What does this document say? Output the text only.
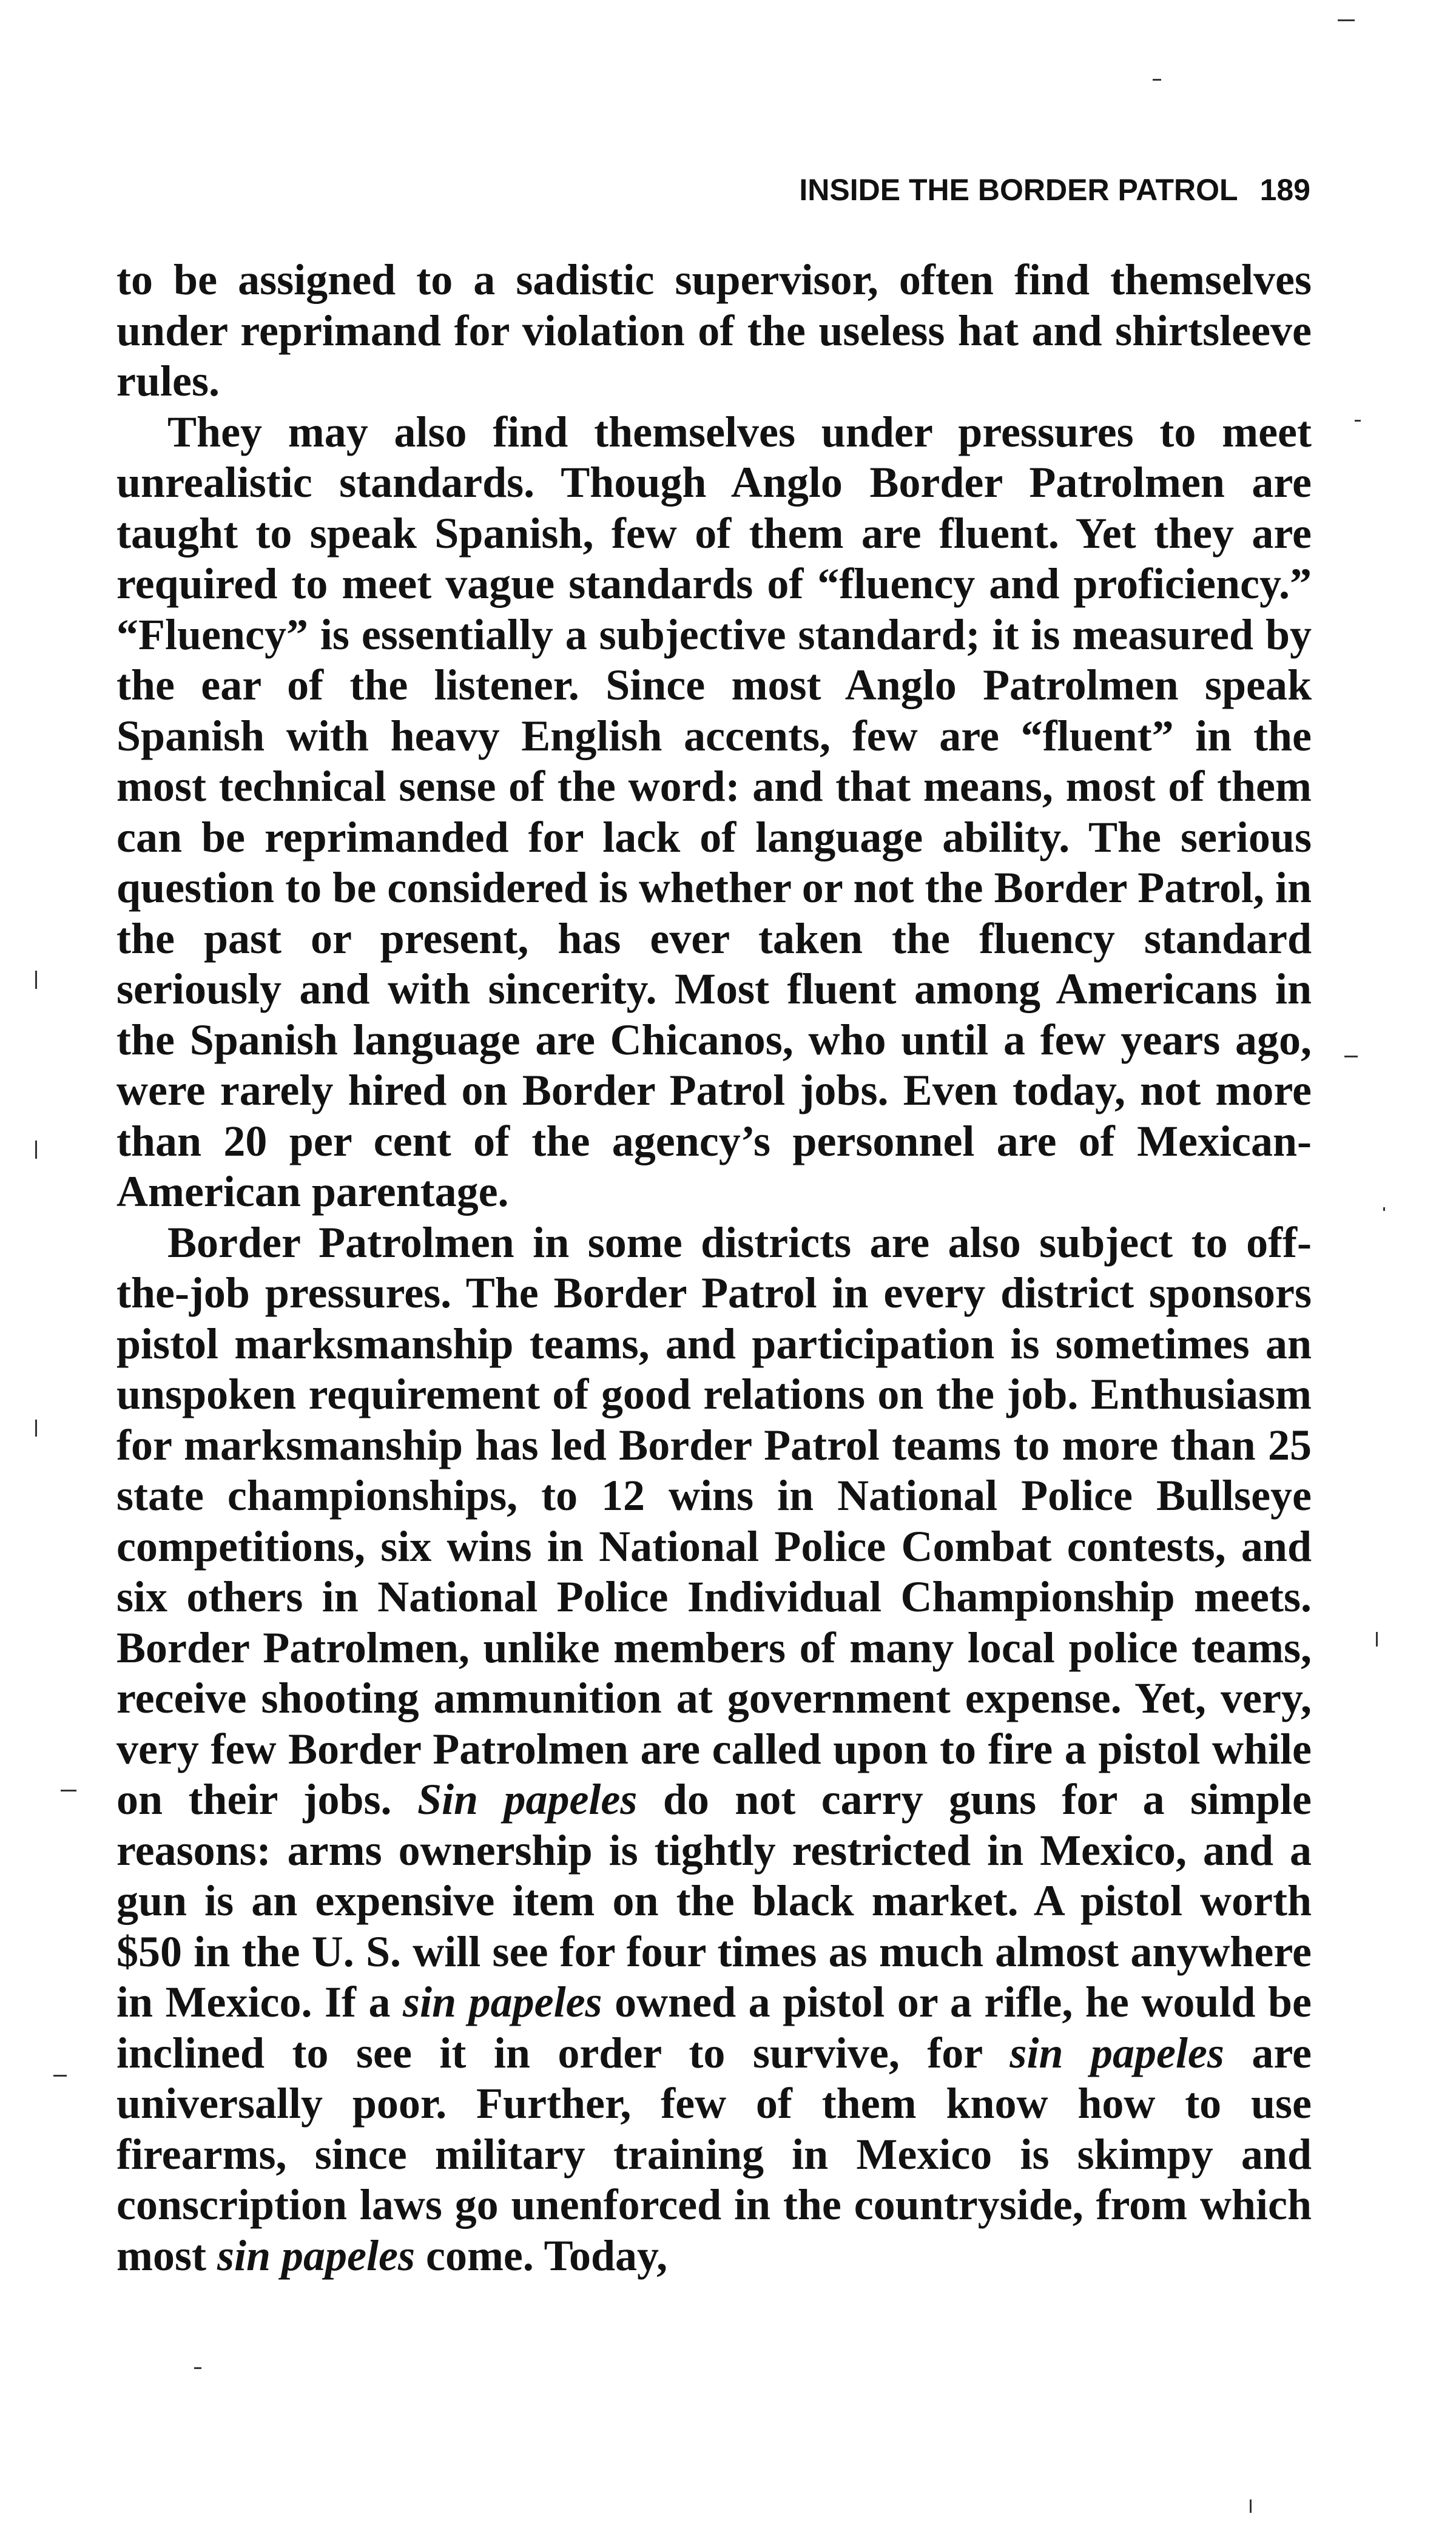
INSIDE THE BORDER PATROL 189

to be assigned to a sadistic supervisor, often find themselves under reprimand for violation of the useless hat and shirtsleeve rules.

They may also find themselves under pressures to meet unrealistic standards. Though Anglo Border Patrolmen are taught to speak Spanish, few of them are fluent. Yet they are required to meet vague standards of “fluency and proficiency.” “Fluency” is essentially a subjective standard; it is measured by the ear of the listener. Since most Anglo Patrolmen speak Spanish with heavy English accents, few are “fluent” in the most technical sense of the word: and that means, most of them can be reprimanded for lack of language ability. The serious question to be considered is whether or not the Border Patrol, in the past or present, has ever taken the fluency standard seriously and with sincerity. Most fluent among Americans in the Spanish language are Chicanos, who until a few years ago, were rarely hired on Border Patrol jobs. Even today, not more than 20 per cent of the agency’s personnel are of Mexican-American parentage.

Border Patrolmen in some districts are also subject to off-the-job pressures. The Border Patrol in every district sponsors pistol marksmanship teams, and participation is sometimes an unspoken requirement of good relations on the job. Enthusiasm for marksmanship has led Border Patrol teams to more than 25 state championships, to 12 wins in National Police Bullseye competitions, six wins in National Police Combat contests, and six others in National Police Individual Championship meets. Border Patrolmen, unlike members of many local police teams, receive shooting ammunition at government expense. Yet, very, very few Border Patrolmen are called upon to fire a pistol while on their jobs. Sin papeles do not carry guns for a simple reasons: arms ownership is tightly restricted in Mexico, and a gun is an expensive item on the black market. A pistol worth $50 in the U. S. will see for four times as much almost anywhere in Mexico. If a sin papeles owned a pistol or a rifle, he would be inclined to see it in order to survive, for sin papeles are universally poor. Further, few of them know how to use firearms, since military training in Mexico is skimpy and conscription laws go unenforced in the countryside, from which most sin papeles come. Today,
